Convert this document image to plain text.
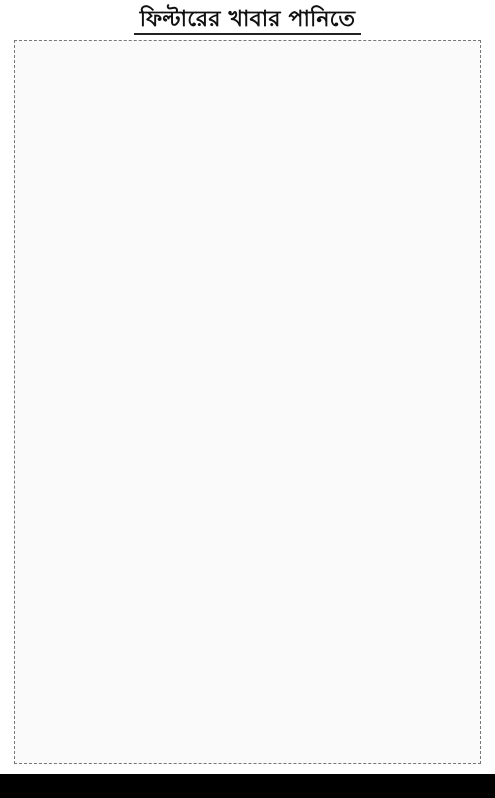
ফিল্টারের খাবার পানিতে
